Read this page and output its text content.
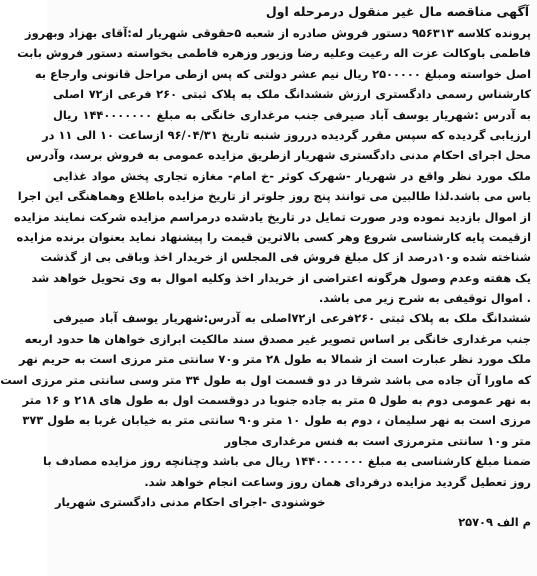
آگهی مناقصه مال غیر منقول درمرحله اول
پرونده کلاسه ۹۵۶۳۱۳ دستور فروش صادره از شعبه ۵حقوقی شهریار له:آقای بهزاد وبهروز
فاطمی باوکالت عزت اله رعیت وعلیه رضا وزیور وزهره فاطمی بخواسته دستور فروش بابت
اصل خواسته ومبلغ ۲۵۰۰۰۰۰ ریال نیم عشر دولتی که پس ازطی مراحل قانونی وارجاع به
کارشناس رسمی دادگستری ارزش ششدانگ ملک به پلاک ثبتی ۲۶۰ فرعی از۷۲ اصلی
به آدرس :شهریار یوسف آباد صیرفی جنب مرغداری خانگی به مبلغ ۱۴۴۰۰۰۰۰۰۰ ریال
ارزیابی گردیده که سپس مقرر گردیده درروز شنبه تاریخ ۹۶/۰۴/۳۱ ازساعت ۱۰ الی ۱۱ در
محل اجرای احکام مدنی دادگستری شهریار ازطریق مزایده عمومی به فروش برسد، وآدرس
ملک مورد نظر واقع در شهریار -شهرک کوثر -خ امام- مغازه تجاری پخش مواد غذایی
یاس می باشد.لذا طالبین می توانند پنج روز جلوتر از تاریخ مزایده باطلاع وهماهنگی این اجرا
از اموال بازدید نموده ودر صورت تمایل در تاریخ یادشده درمراسم مزایده شرکت نمایند مزایده
ازقیمت پایه کارشناسی شروع وهر کسی بالاترین قیمت را پیشنهاد نماید بعنوان برنده مزایده
شناخته شده و۱۰درصد از کل مبلغ فروش فی المجلس از خریدار اخذ وباقی بی از گذشت
یک هفته وعدم وصول هرگونه اعتراضی از خریدار اخذ وکلیه اموال به وی تحویل خواهد شد
. اموال توقیفی به شرح زیر می باشد.
ششدانگ ملک به پلاک ثبتی ۲۶۰فرعی از۷۲اصلی به آدرس:شهریار یوسف آباد صیرفی
جنب مرغداری خانگی بر اساس تصویر غیر مصدق سند مالکیت ابرازی خواهان ها حدود اربعه
ملک مورد نظر عبارت است از شمالا به طول ۲۸ متر و۷۰ سانتی متر مرزی است به حریم نهر
که ماورا آن جاده می باشد شرقا در دو قسمت اول به طول ۳۴ متر وسی سانتی متر مرزی است
به نهر عمومی دوم به طول ۵ متر به جاده جنوبا در دوقسمت اول به طول های ۲۱۸ و ۱۶ متر
مرزی است به نهر سلیمان ، دوم به طول ۱۰ متر و۹۰ سانتی متر به خیابان غربا به طول ۳۷۳
متر و۱۰ سانتی مترمرزی است به فنس مرغداری مجاور
ضمنا مبلغ کارشناسی به مبلغ ۱۴۴۰۰۰۰۰۰۰ ریال می باشد وچنانچه روز مزایده مصادف با
روز تعطیل گردید مزایده درفردای همان روز وساعت انجام خواهد شد.
خوشنودی -اجرای احکام مدنی دادگستری شهریار
م الف ۲۵۷۰۹
